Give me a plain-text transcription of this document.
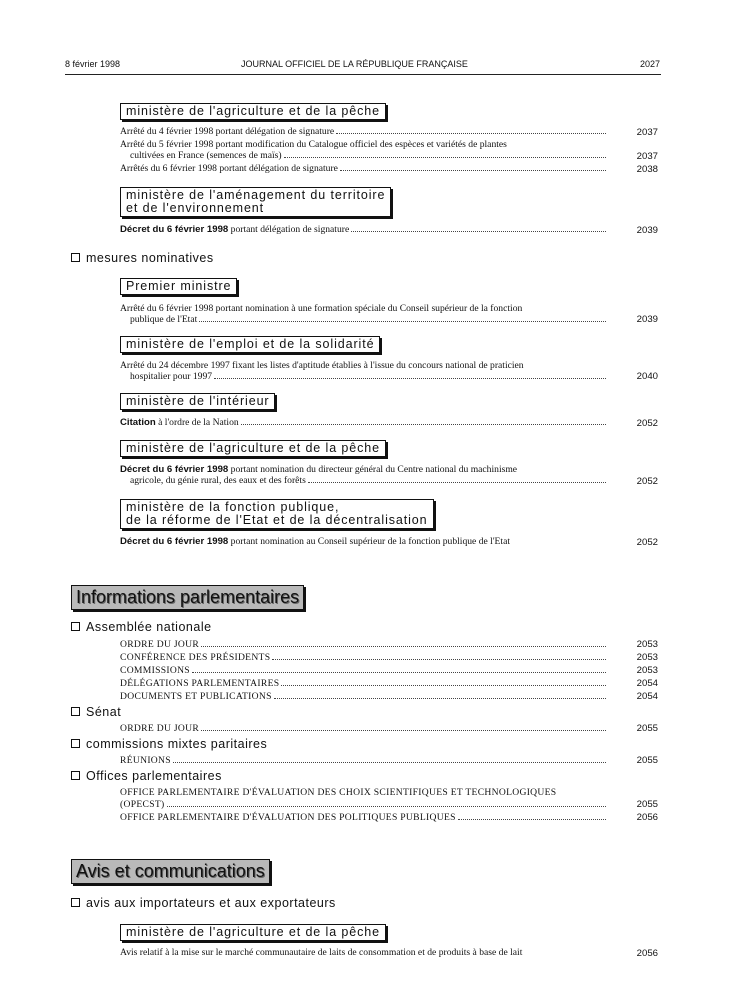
8 février 1998	JOURNAL OFFICIEL DE LA RÉPUBLIQUE FRANÇAISE	2027
ministère de l'agriculture et de la pêche
Arrêté du 4 février 1998 portant délégation de signature	2037
Arrêté du 5 février 1998 portant modification du Catalogue officiel des espèces et variétés de plantes
cultivées en France (semences de maïs)	2037
Arrêtés du 6 février 1998 portant délégation de signature	2038
ministère de l'aménagement du territoire
et de l'environnement
Décret du 6 février 1998 portant délégation de signature	2039
mesures nominatives
Premier ministre
Arrêté du 6 février 1998 portant nomination à une formation spéciale du Conseil supérieur de la fonction
publique de l'Etat	2039
ministère de l'emploi et de la solidarité
Arrêté du 24 décembre 1997 fixant les listes d'aptitude établies à l'issue du concours national de praticien
hospitalier pour 1997	2040
ministère de l'intérieur
Citation à l'ordre de la Nation	2052
ministère de l'agriculture et de la pêche
Décret du 6 février 1998 portant nomination du directeur général du Centre national du machinisme
agricole, du génie rural, des eaux et des forêts	2052
ministère de la fonction publique,
de la réforme de l'Etat et de la décentralisation
Décret du 6 février 1998 portant nomination au Conseil supérieur de la fonction publique de l'Etat	2052
Informations parlementaires
Assemblée nationale
ORDRE DU JOUR	2053
CONFÉRENCE DES PRÉSIDENTS	2053
COMMISSIONS	2053
DÉLÉGATIONS PARLEMENTAIRES	2054
DOCUMENTS ET PUBLICATIONS	2054
Sénat
ORDRE DU JOUR	2055
commissions mixtes paritaires
RÉUNIONS	2055
Offices parlementaires
OFFICE PARLEMENTAIRE D'ÉVALUATION DES CHOIX SCIENTIFIQUES ET TECHNOLOGIQUES
(OPECST)	2055
OFFICE PARLEMENTAIRE D'ÉVALUATION DES POLITIQUES PUBLIQUES	2056
Avis et communications
avis aux importateurs et aux exportateurs
ministère de l'agriculture et de la pêche
Avis relatif à la mise sur le marché communautaire de laits de consommation et de produits à base de lait	2056
